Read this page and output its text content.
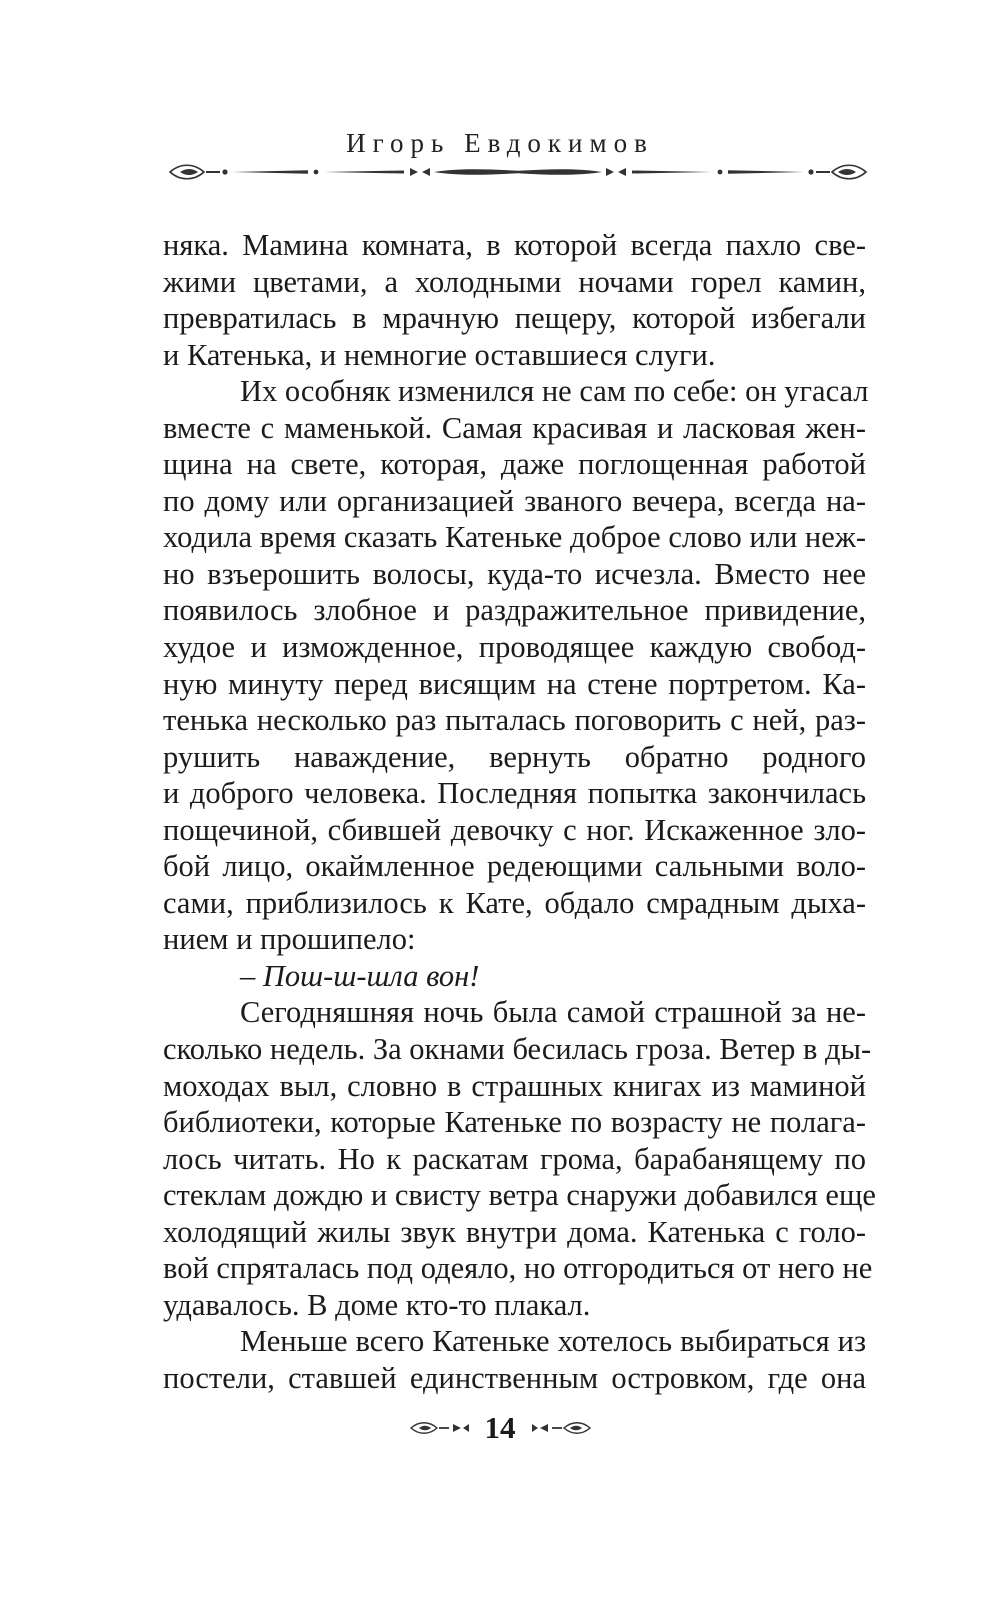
Игорь Евдокимов
няка. Мамина комната, в которой всегда пахло све-
жими цветами, а холодными ночами горел камин,
превратилась в мрачную пещеру, которой избегали
и Катенька, и немногие оставшиеся слуги.
Их особняк изменился не сам по себе: он угасал
вместе с маменькой. Самая красивая и ласковая жен-
щина на свете, которая, даже поглощенная работой
по дому или организацией званого вечера, всегда на-
ходила время сказать Катеньке доброе слово или неж-
но взъерошить волосы, куда-то исчезла. Вместо нее
появилось злобное и раздражительное привидение,
худое и изможденное, проводящее каждую свобод-
ную минуту перед висящим на стене портретом. Ка-
тенька несколько раз пыталась поговорить с ней, раз-
рушить наваждение, вернуть обратно родного
и доброго человека. Последняя попытка закончилась
пощечиной, сбившей девочку с ног. Искаженное зло-
бой лицо, окаймленное редеющими сальными воло-
сами, приблизилось к Кате, обдало смрадным дыха-
нием и прошипело:
– Пош-ш-шла вон!
Сегодняшняя ночь была самой страшной за не-
сколько недель. За окнами бесилась гроза. Ветер в ды-
моходах выл, словно в страшных книгах из маминой
библиотеки, которые Катеньке по возрасту не полага-
лось читать. Но к раскатам грома, барабанящему по
стеклам дождю и свисту ветра снаружи добавился еще
холодящий жилы звук внутри дома. Катенька с голо-
вой спряталась под одеяло, но отгородиться от него не
удавалось. В доме кто-то плакал.
Меньше всего Катеньке хотелось выбираться из
постели, ставшей единственным островком, где она
14
